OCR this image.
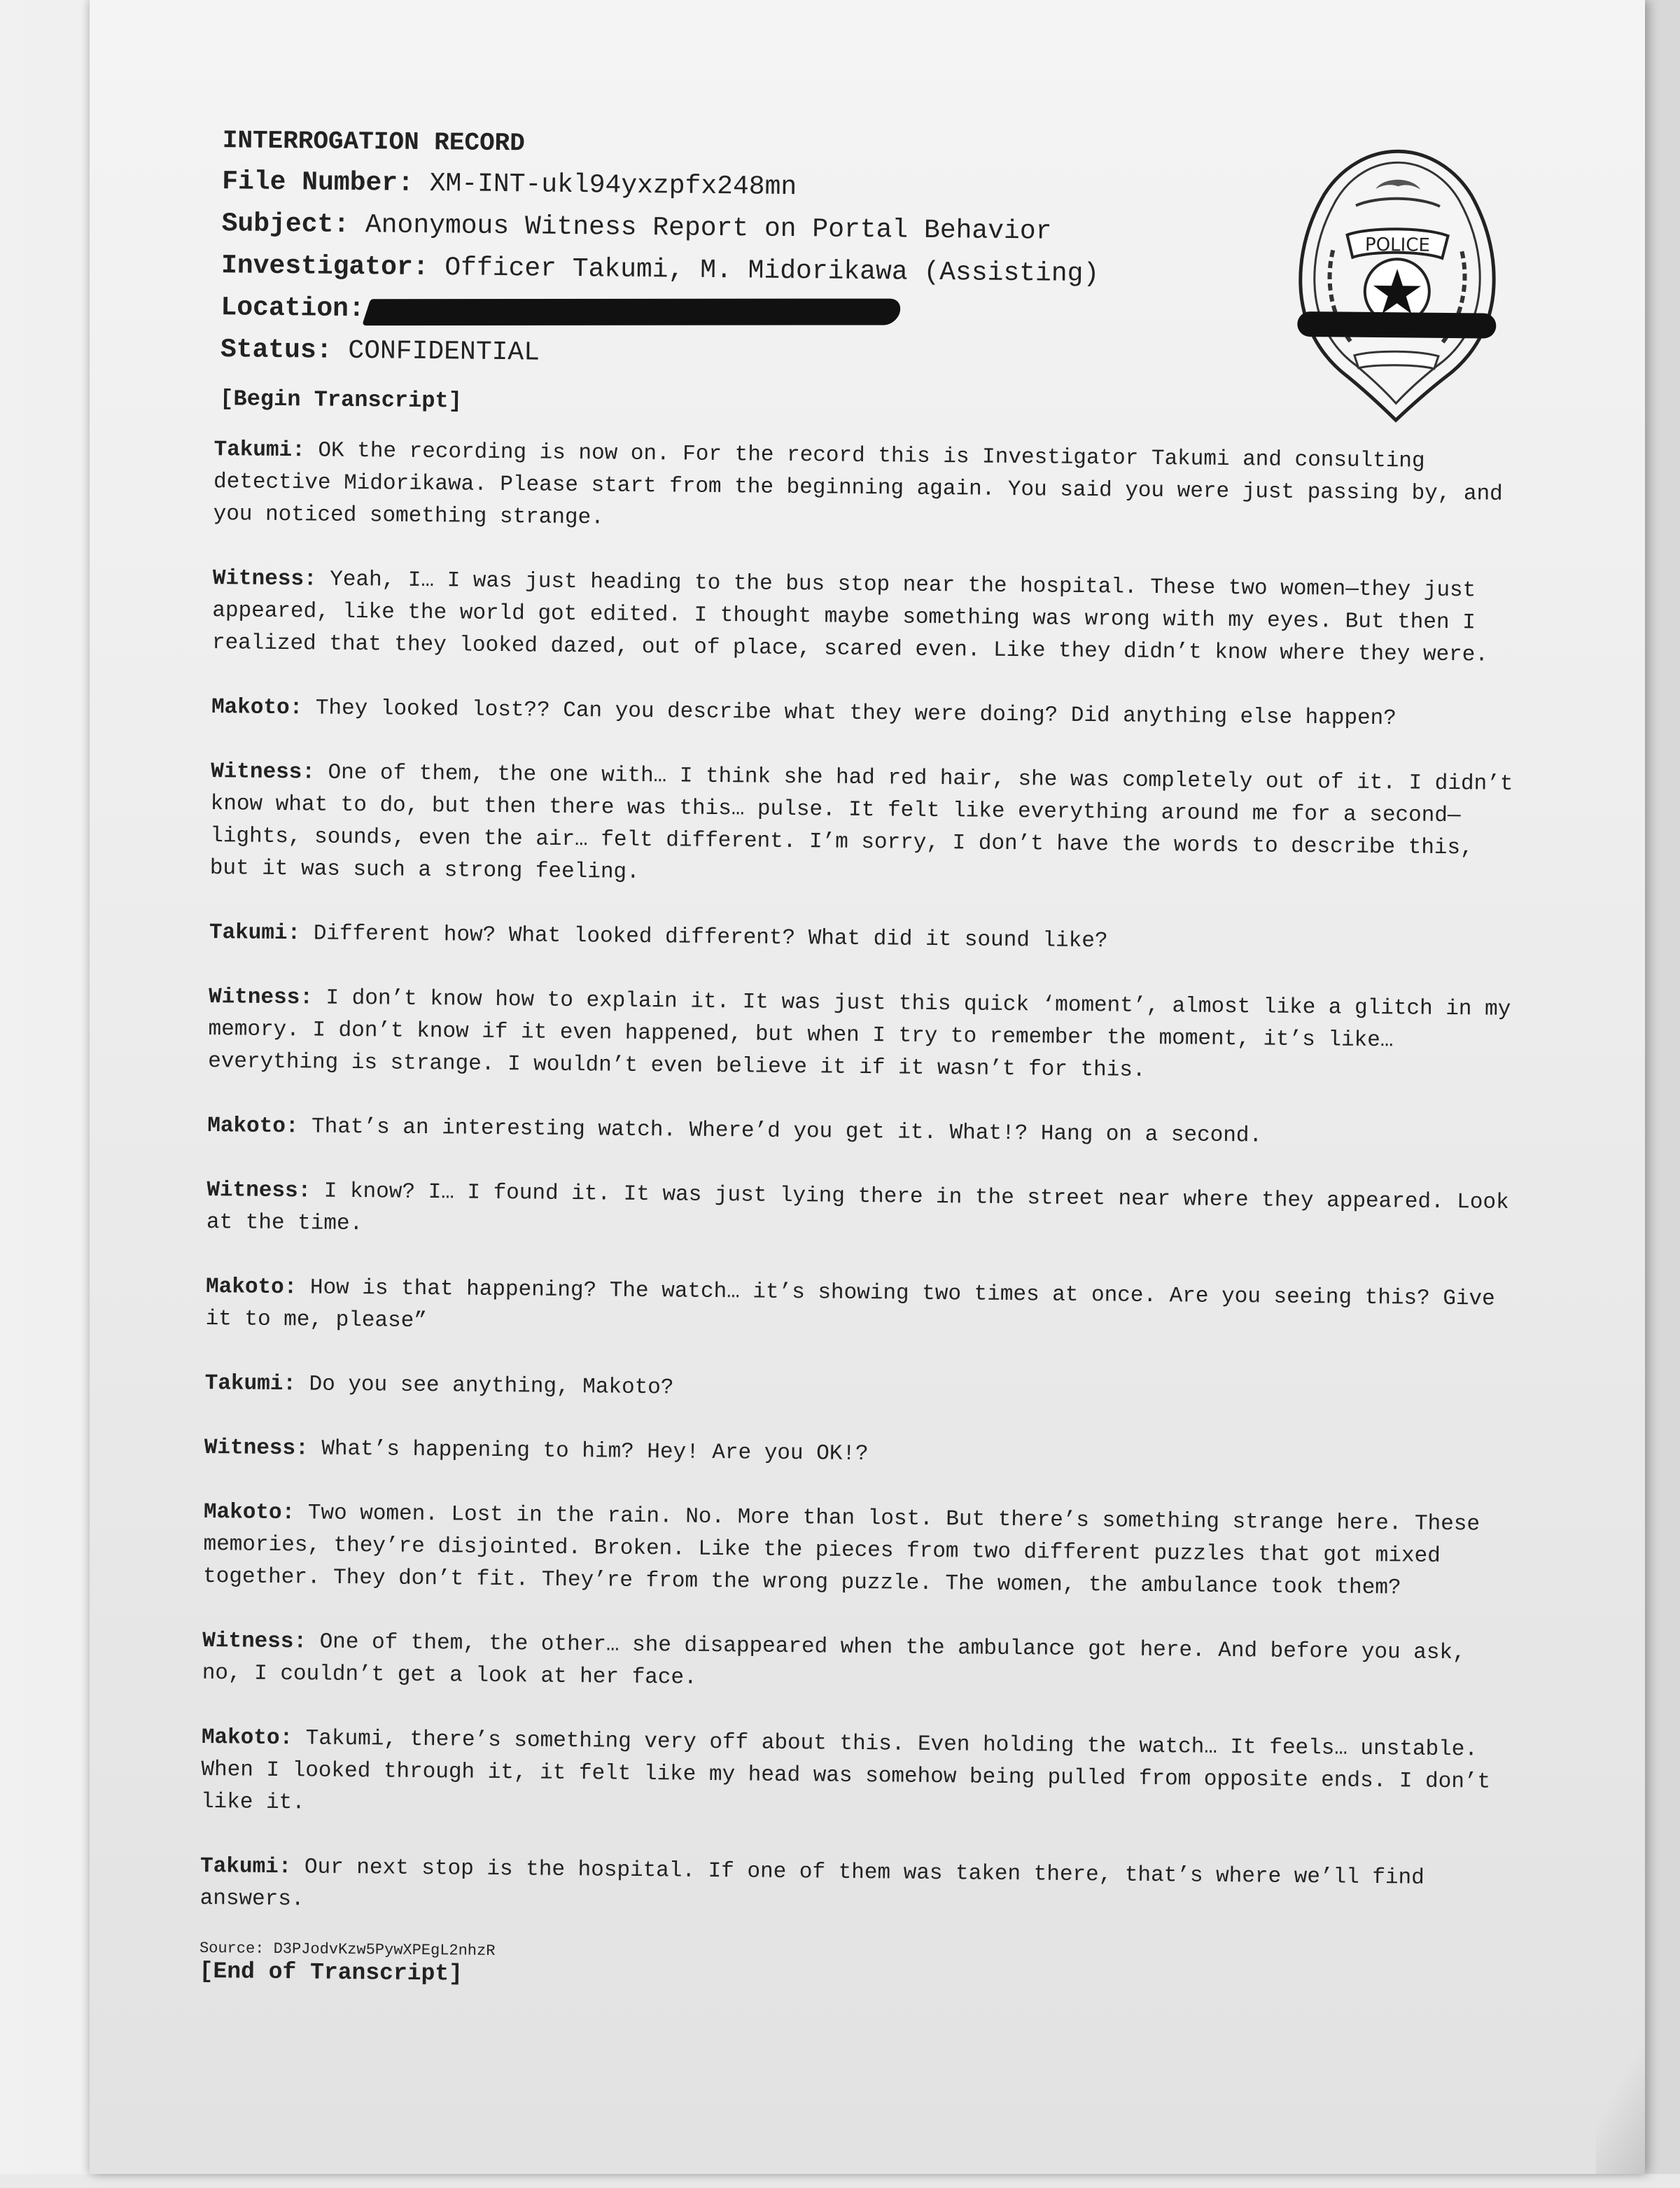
INTERROGATION RECORD
File Number: XM-INT-ukl94yxzpfx248mn
Subject: Anonymous Witness Report on Portal Behavior
Investigator: Officer Takumi, M. Midorikawa (Assisting)
Location:
Status: CONFIDENTIAL
[Begin Transcript]
POLICE

Takumi: OK the recording is now on. For the record this is Investigator Takumi and consulting detective Midorikawa. Please start from the beginning again. You said you were just passing by, and you noticed something strange.

Witness: Yeah, I… I was just heading to the bus stop near the hospital. These two women—they just appeared, like the world got edited. I thought maybe something was wrong with my eyes. But then I realized that they looked dazed, out of place, scared even. Like they didn’t know where they were.

Makoto: They looked lost?? Can you describe what they were doing? Did anything else happen?

Witness: One of them, the one with… I think she had red hair, she was completely out of it. I didn’t know what to do, but then there was this… pulse. It felt like everything around me for a second—lights, sounds, even the air… felt different. I’m sorry, I don’t have the words to describe this, but it was such a strong feeling.

Takumi: Different how? What looked different? What did it sound like?

Witness: I don’t know how to explain it. It was just this quick ‘moment’, almost like a glitch in my memory. I don’t know if it even happened, but when I try to remember the moment, it’s like… everything is strange. I wouldn’t even believe it if it wasn’t for this.

Makoto: That’s an interesting watch. Where’d you get it. What!? Hang on a second.

Witness: I know? I… I found it. It was just lying there in the street near where they appeared. Look at the time.

Makoto: How is that happening? The watch… it’s showing two times at once. Are you seeing this? Give it to me, please”

Takumi: Do you see anything, Makoto?

Witness: What’s happening to him? Hey! Are you OK!?

Makoto: Two women. Lost in the rain. No. More than lost. But there’s something strange here. These memories, they’re disjointed. Broken. Like the pieces from two different puzzles that got mixed together. They don’t fit. They’re from the wrong puzzle. The women, the ambulance took them?

Witness: One of them, the other… she disappeared when the ambulance got here. And before you ask, no, I couldn’t get a look at her face.

Makoto: Takumi, there’s something very off about this. Even holding the watch… It feels… unstable. When I looked through it, it felt like my head was somehow being pulled from opposite ends. I don’t like it.

Takumi: Our next stop is the hospital. If one of them was taken there, that’s where we’ll find answers.

Source: D3PJodvKzw5PywXPEgL2nhzR
[End of Transcript]
